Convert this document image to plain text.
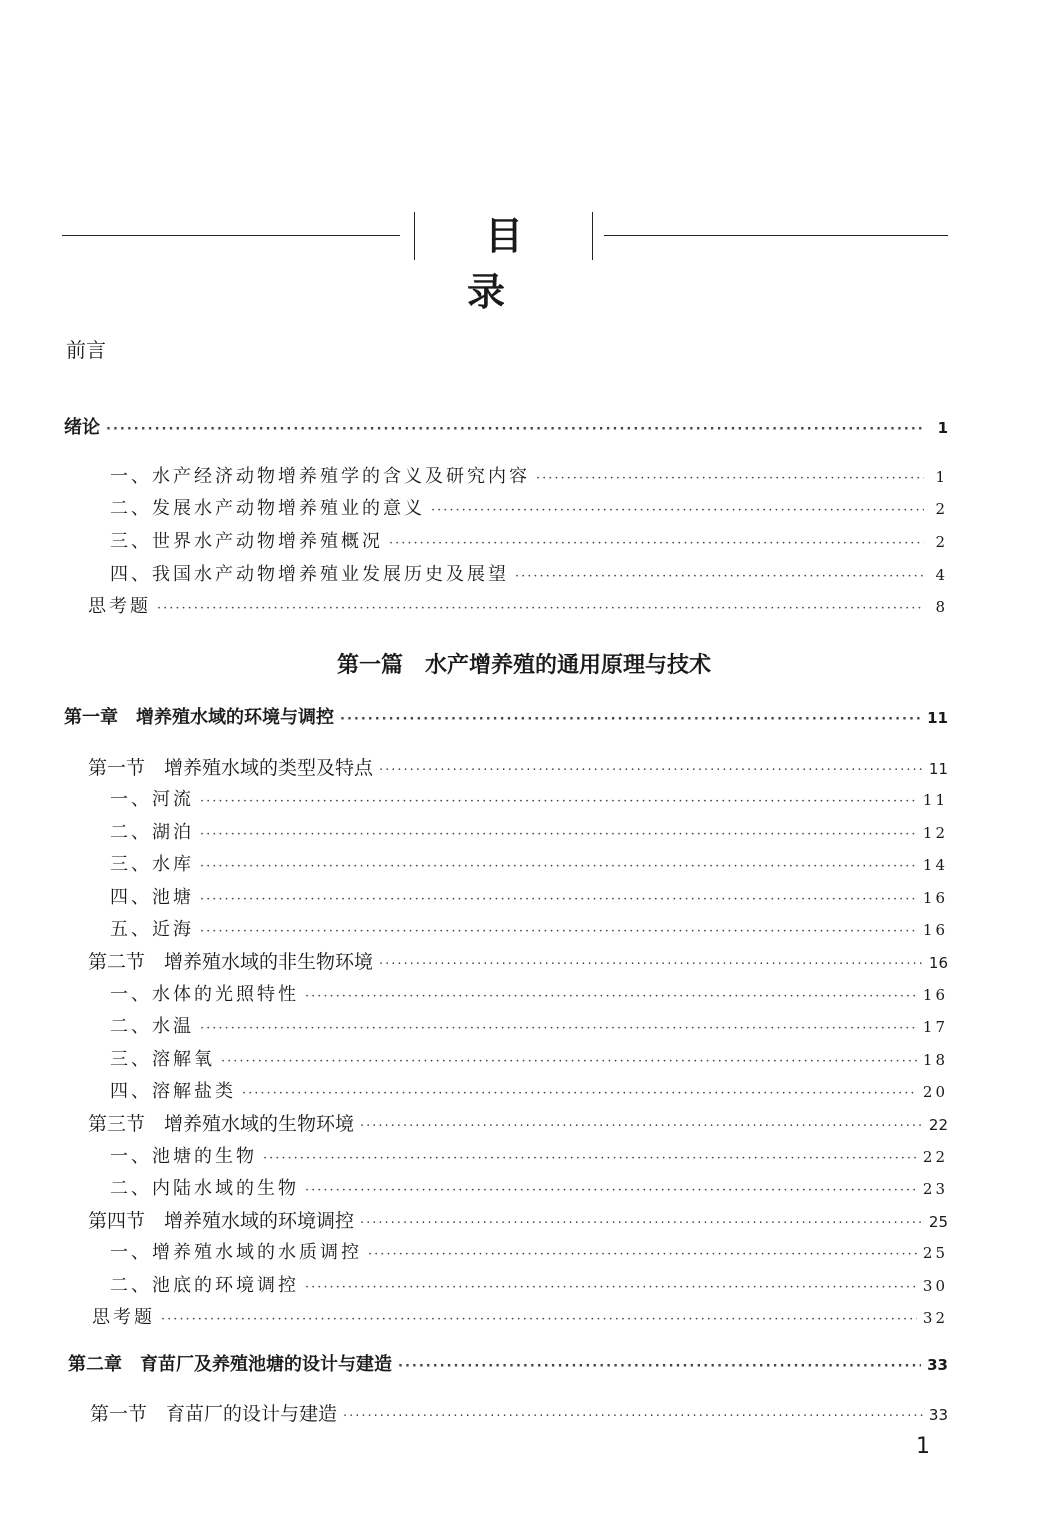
目 录
前言
绪论 ·····	1
一、水产经济动物增养殖学的含义及研究内容 ·····	1
二、发展水产动物增养殖业的意义 ·····	2
三、世界水产动物增养殖概况 ·····	2
四、我国水产动物增养殖业发展历史及展望 ·····	4
思考题 ·····	8
第一篇　水产增养殖的通用原理与技术
第一章　增养殖水域的环境与调控 ·····	11
第一节　增养殖水域的类型及特点 ·····	11
一、河流 ·····	11
二、湖泊 ·····	12
三、水库 ·····	14
四、池塘 ·····	16
五、近海 ·····	16
第二节　增养殖水域的非生物环境 ·····	16
一、水体的光照特性 ·····	16
二、水温 ·····	17
三、溶解氧 ·····	18
四、溶解盐类 ·····	20
第三节　增养殖水域的生物环境 ·····	22
一、池塘的生物 ·····	22
二、内陆水域的生物 ·····	23
第四节　增养殖水域的环境调控 ·····	25
一、增养殖水域的水质调控 ·····	25
二、池底的环境调控 ·····	30
思考题 ·····	32
第二章　育苗厂及养殖池塘的设计与建造 ·····	33
第一节　育苗厂的设计与建造 ·····	33
1
